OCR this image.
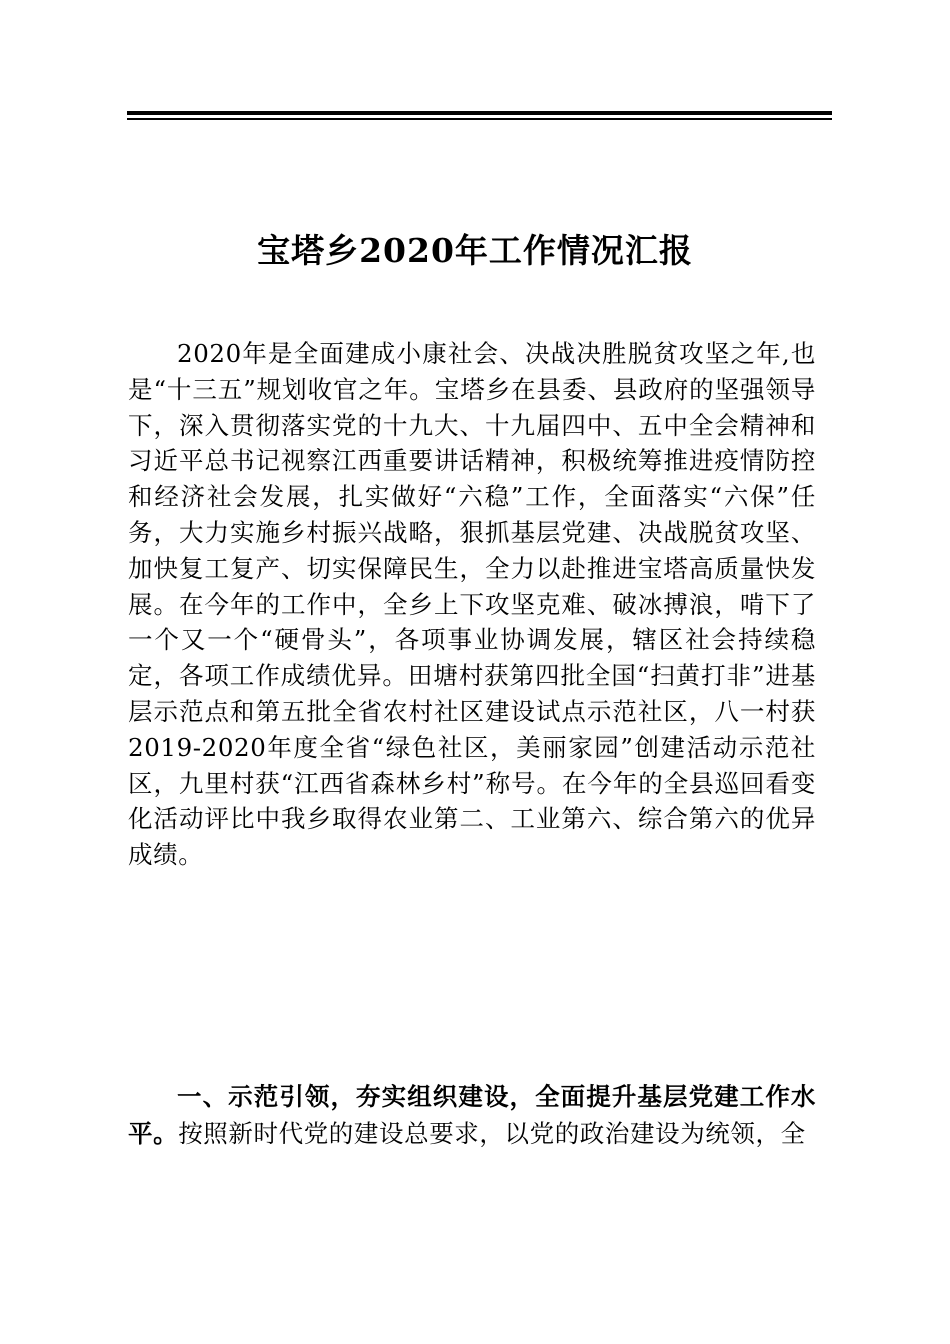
宝塔乡2020年工作情况汇报

2020年是全面建成小康社会、决战决胜脱贫攻坚之年,也是“十三五”规划收官之年。宝塔乡在县委、县政府的坚强领导下，深入贯彻落实党的十九大、十九届四中、五中全会精神和习近平总书记视察江西重要讲话精神，积极统筹推进疫情防控和经济社会发展，扎实做好“六稳”工作，全面落实“六保”任务，大力实施乡村振兴战略，狠抓基层党建、决战脱贫攻坚、加快复工复产、切实保障民生，全力以赴推进宝塔高质量快发展。在今年的工作中，全乡上下攻坚克难、破冰搏浪，啃下了一个又一个“硬骨头”，各项事业协调发展，辖区社会持续稳定，各项工作成绩优异。田塘村获第四批全国“扫黄打非”进基层示范点和第五批全省农村社区建设试点示范社区，八一村获2019-2020年度全省“绿色社区，美丽家园”创建活动示范社区，九里村获“江西省森林乡村”称号。在今年的全县巡回看变化活动评比中我乡取得农业第二、工业第六、综合第六的优异成绩。

一、示范引领，夯实组织建设，全面提升基层党建工作水平。按照新时代党的建设总要求，以党的政治建设为统领，全
